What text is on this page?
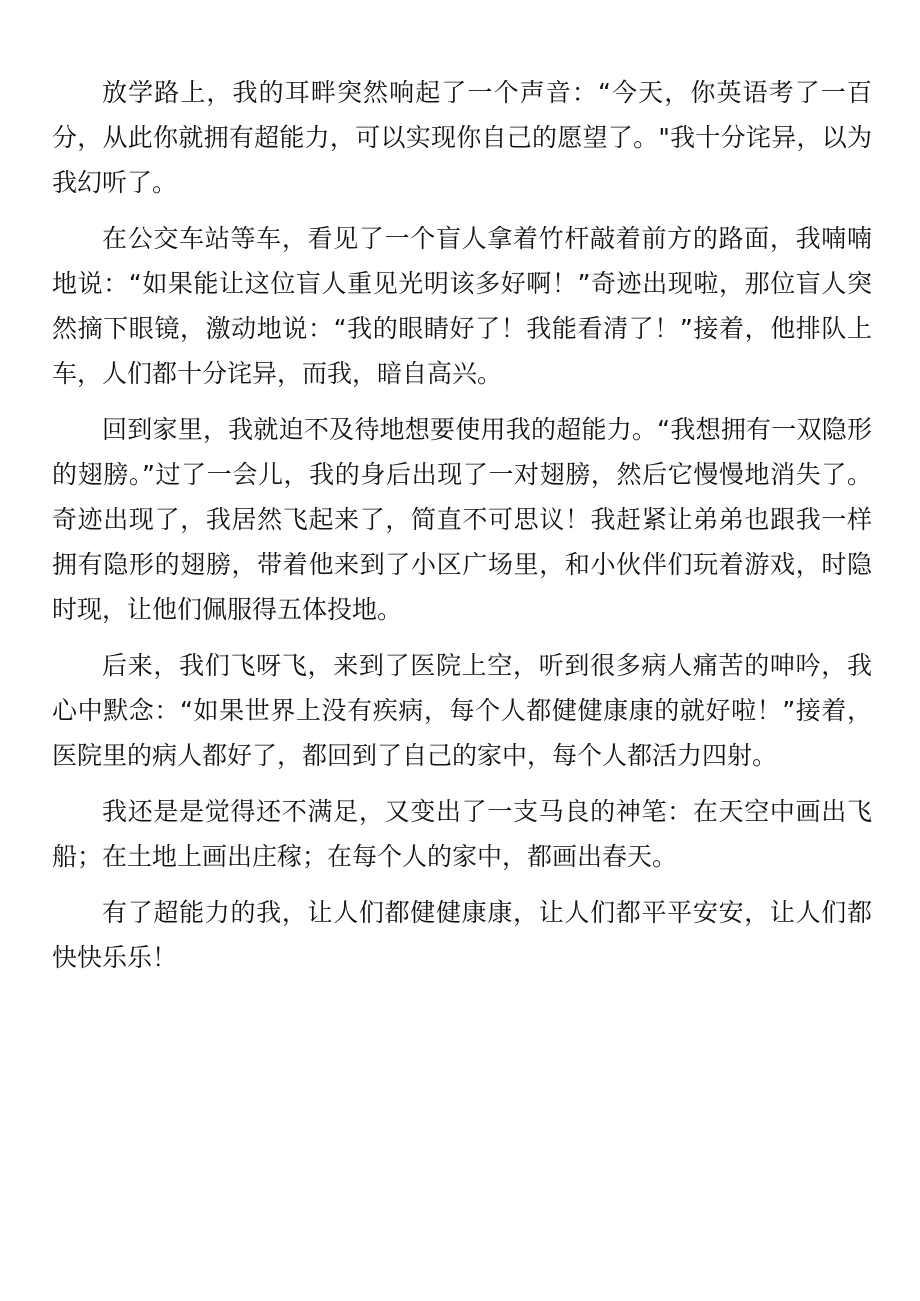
放学路上，我的耳畔突然响起了一个声音：“今天，你英语考了一百分，从此你就拥有超能力，可以实现你自己的愿望了。"我十分诧异，以为我幻听了。

在公交车站等车，看见了一个盲人拿着竹杆敲着前方的路面，我喃喃地说：“如果能让这位盲人重见光明该多好啊！”奇迹出现啦，那位盲人突然摘下眼镜，激动地说：“我的眼睛好了！我能看清了！”接着，他排队上车，人们都十分诧异，而我，暗自高兴。

回到家里，我就迫不及待地想要使用我的超能力。“我想拥有一双隐形的翅膀。”过了一会儿，我的身后出现了一对翅膀，然后它慢慢地消失了。奇迹出现了，我居然飞起来了，简直不可思议！我赶紧让弟弟也跟我一样拥有隐形的翅膀，带着他来到了小区广场里，和小伙伴们玩着游戏，时隐时现，让他们佩服得五体投地。

后来，我们飞呀飞，来到了医院上空，听到很多病人痛苦的呻吟，我心中默念：“如果世界上没有疾病，每个人都健健康康的就好啦！”接着，医院里的病人都好了，都回到了自己的家中，每个人都活力四射。

我还是是觉得还不满足，又变出了一支马良的神笔：在天空中画出飞船；在土地上画出庄稼；在每个人的家中，都画出春天。

有了超能力的我，让人们都健健康康，让人们都平平安安，让人们都快快乐乐！
